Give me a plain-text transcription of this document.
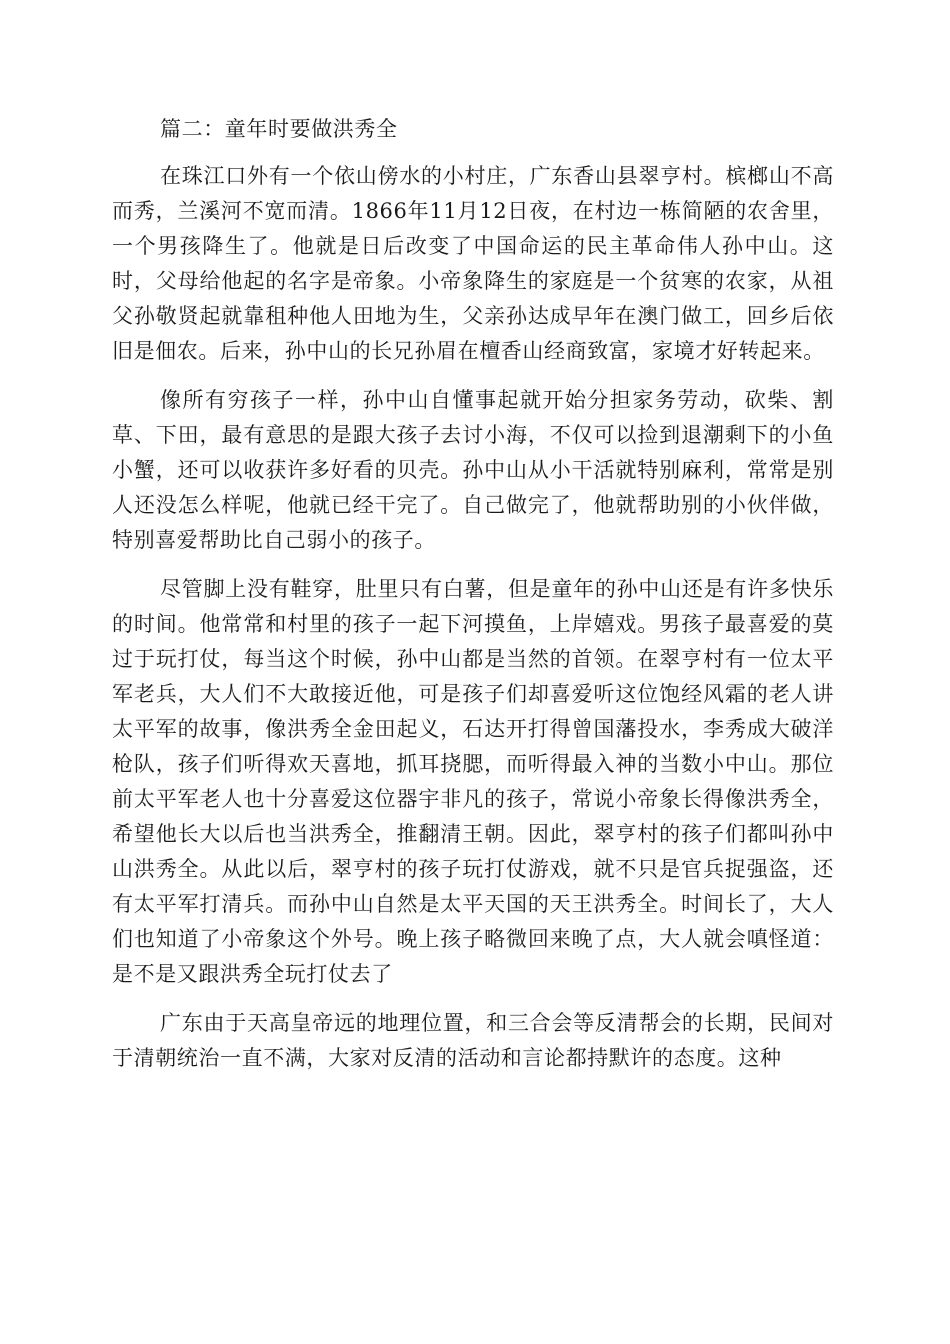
篇二：童年时要做洪秀全

在珠江口外有一个依山傍水的小村庄，广东香山县翠亨村。槟榔山不高而秀，兰溪河不宽而清。1866年11月12日夜，在村边一栋简陋的农舍里，一个男孩降生了。他就是日后改变了中国命运的民主革命伟人孙中山。这时，父母给他起的名字是帝象。小帝象降生的家庭是一个贫寒的农家，从祖父孙敬贤起就靠租种他人田地为生，父亲孙达成早年在澳门做工，回乡后依旧是佃农。后来，孙中山的长兄孙眉在檀香山经商致富，家境才好转起来。

像所有穷孩子一样，孙中山自懂事起就开始分担家务劳动，砍柴、割草、下田，最有意思的是跟大孩子去讨小海，不仅可以捡到退潮剩下的小鱼小蟹，还可以收获许多好看的贝壳。孙中山从小干活就特别麻利，常常是别人还没怎么样呢，他就已经干完了。自己做完了，他就帮助别的小伙伴做，特别喜爱帮助比自己弱小的孩子。

尽管脚上没有鞋穿，肚里只有白薯，但是童年的孙中山还是有许多快乐的时间。他常常和村里的孩子一起下河摸鱼，上岸嬉戏。男孩子最喜爱的莫过于玩打仗，每当这个时候，孙中山都是当然的首领。在翠亨村有一位太平军老兵，大人们不大敢接近他，可是孩子们却喜爱听这位饱经风霜的老人讲太平军的故事，像洪秀全金田起义，石达开打得曾国藩投水，李秀成大破洋枪队，孩子们听得欢天喜地，抓耳挠腮，而听得最入神的当数小中山。那位前太平军老人也十分喜爱这位器宇非凡的孩子，常说小帝象长得像洪秀全，希望他长大以后也当洪秀全，推翻清王朝。因此，翠亨村的孩子们都叫孙中山洪秀全。从此以后，翠亨村的孩子玩打仗游戏，就不只是官兵捉强盗，还有太平军打清兵。而孙中山自然是太平天国的天王洪秀全。时间长了，大人们也知道了小帝象这个外号。晚上孩子略微回来晚了点，大人就会嗔怪道：是不是又跟洪秀全玩打仗去了

广东由于天高皇帝远的地理位置，和三合会等反清帮会的长期，民间对于清朝统治一直不满，大家对反清的活动和言论都持默许的态度。这种
